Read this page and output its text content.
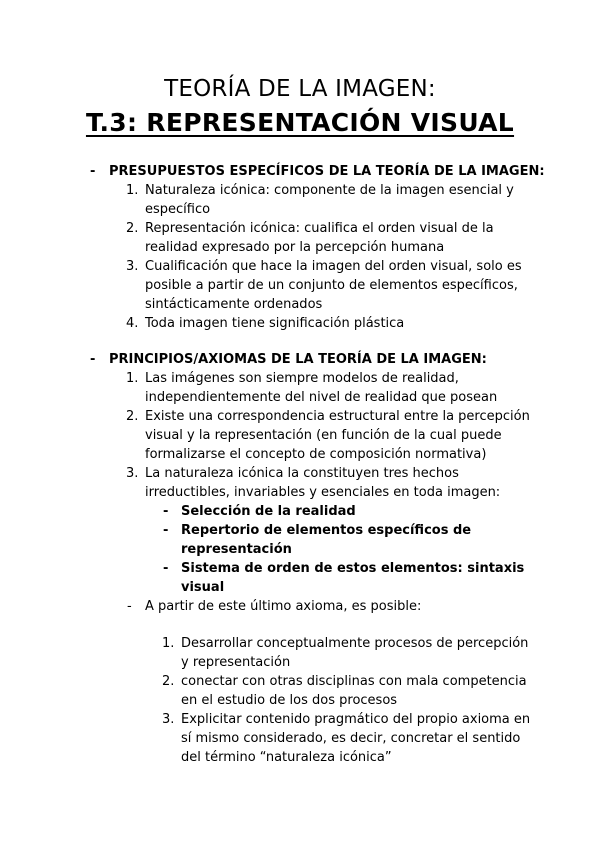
TEORÍA DE LA IMAGEN:
T.3: REPRESENTACIÓN VISUAL
- PRESUPUESTOS ESPECÍFICOS DE LA TEORÍA DE LA IMAGEN:
1. Naturaleza icónica: componente de la imagen esencial y
específico
2. Representación icónica: cualifica el orden visual de la
realidad expresado por la percepción humana
3. Cualificación que hace la imagen del orden visual, solo es
posible a partir de un conjunto de elementos específicos,
sintácticamente ordenados
4. Toda imagen tiene significación plástica
- PRINCIPIOS/AXIOMAS DE LA TEORÍA DE LA IMAGEN:
1. Las imágenes son siempre modelos de realidad,
independientemente del nivel de realidad que posean
2. Existe una correspondencia estructural entre la percepción
visual y la representación (en función de la cual puede
formalizarse el concepto de composición normativa)
3. La naturaleza icónica la constituyen tres hechos
irreductibles, invariables y esenciales en toda imagen:
- Selección de la realidad
- Repertorio de elementos específicos de
representación
- Sistema de orden de estos elementos: sintaxis
visual
- A partir de este último axioma, es posible:
1. Desarrollar conceptualmente procesos de percepción
y representación
2. conectar con otras disciplinas con mala competencia
en el estudio de los dos procesos
3. Explicitar contenido pragmático del propio axioma en
sí mismo considerado, es decir, concretar el sentido
del término “naturaleza icónica”
